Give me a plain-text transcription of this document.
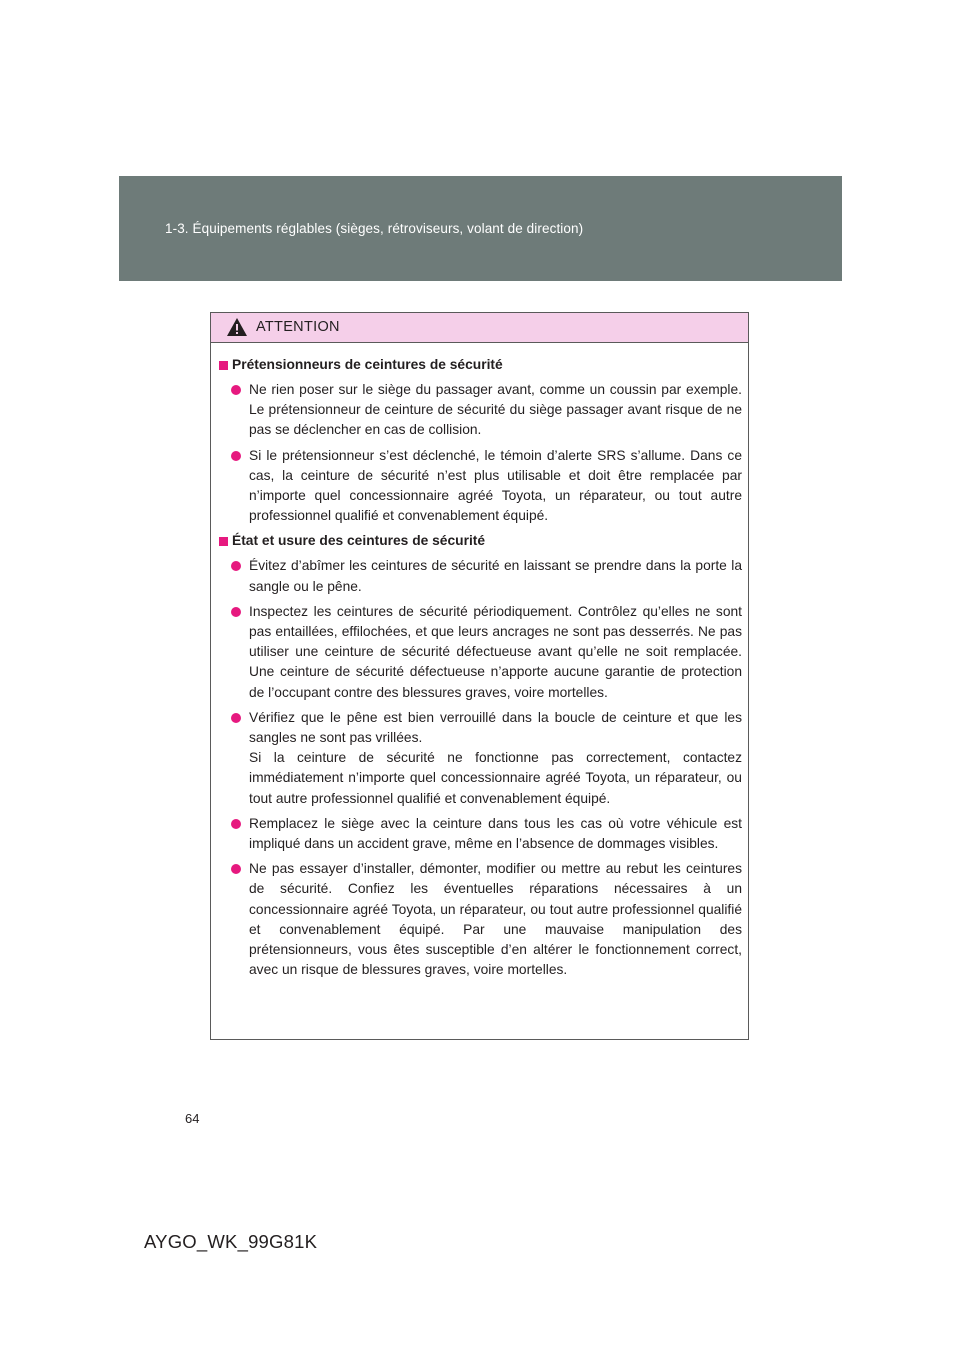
1-3. Équipements réglables (sièges, rétroviseurs, volant de direction)
ATTENTION
Prétensionneurs de ceintures de sécurité
Ne rien poser sur le siège du passager avant, comme un coussin par exemple. Le prétensionneur de ceinture de sécurité du siège passager avant risque de ne pas se déclencher en cas de collision.
Si le prétensionneur s’est déclenché, le témoin d’alerte SRS s’allume. Dans ce cas, la ceinture de sécurité n’est plus utilisable et doit être remplacée par n’importe quel concessionnaire agréé Toyota, un réparateur, ou tout autre professionnel qualifié et convenablement équipé.
État et usure des ceintures de sécurité
Évitez d’abîmer les ceintures de sécurité en laissant se prendre dans la porte la sangle ou le pêne.
Inspectez les ceintures de sécurité périodiquement. Contrôlez qu’elles ne sont pas entaillées, effilochées, et que leurs ancrages ne sont pas desserrés. Ne pas utiliser une ceinture de sécurité défectueuse avant qu’elle ne soit remplacée. Une ceinture de sécurité défectueuse n’apporte aucune garantie de protection de l’occupant contre des blessures graves, voire mortelles.

Vérifiez que le pêne est bien verrouillé dans la boucle de ceinture et que les sangles ne sont pas vrillées.

Si la ceinture de sécurité ne fonctionne pas correctement, contactez immédiatement n’importe quel concessionnaire agréé Toyota, un réparateur, ou tout autre professionnel qualifié et convenablement équipé.

Remplacez le siège avec la ceinture dans tous les cas où votre véhicule est impliqué dans un accident grave, même en l’absence de dommages visibles.
Ne pas essayer d’installer, démonter, modifier ou mettre au rebut les ceintures de sécurité. Confiez les éventuelles réparations nécessaires à un concessionnaire agréé Toyota, un réparateur, ou tout autre professionnel qualifié et convenablement équipé. Par une mauvaise manipulation des prétensionneurs, vous êtes susceptible d’en altérer le fonctionnement correct, avec un risque de blessures graves, voire mortelles.
64
AYGO_WK_99G81K
